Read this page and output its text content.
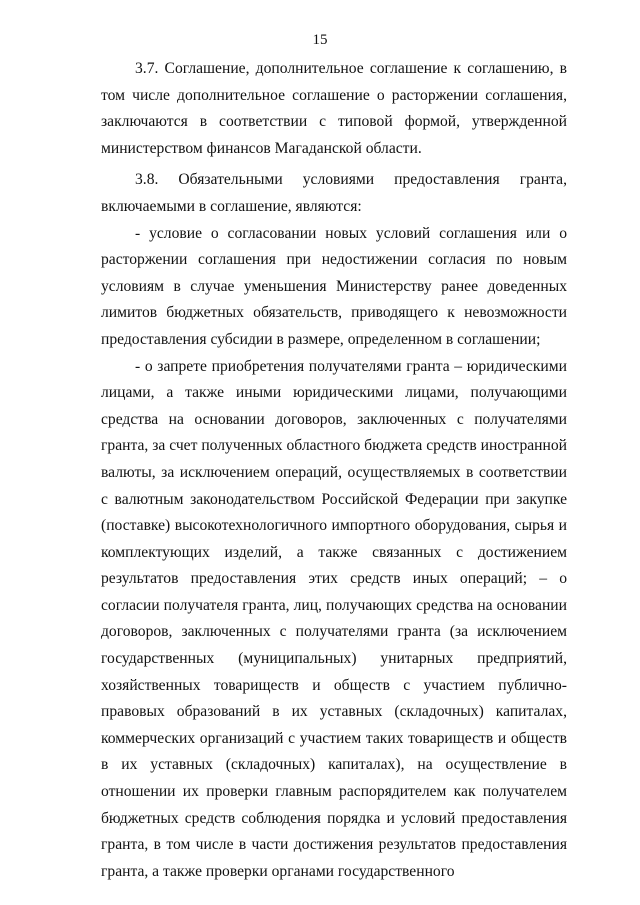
15

3.7. Соглашение, дополнительное соглашение к соглашению, в том числе дополнительное соглашение о расторжении соглашения, заключаются в соответствии с типовой формой, утвержденной министерством финансов Магаданской области.

3.8. Обязательными условиями предоставления гранта, включаемыми в соглашение, являются:

- условие о согласовании новых условий соглашения или о расторжении соглашения при недостижении согласия по новым условиям в случае уменьшения Министерству ранее доведенных лимитов бюджетных обязательств, приводящего к невозможности предоставления субсидии в размере, определенном в соглашении;

- о запрете приобретения получателями гранта – юридическими лицами, а также иными юридическими лицами, получающими средства на основании договоров, заключенных с получателями гранта, за счет полученных областного бюджета средств иностранной валюты, за исключением операций, осуществляемых в соответствии с валютным законодательством Российской Федерации при закупке (поставке) высокотехнологичного импортного оборудования, сырья и комплектующих изделий, а также связанных с достижением результатов предоставления этих средств иных операций; – о согласии получателя гранта, лиц, получающих средства на основании договоров, заключенных с получателями гранта (за исключением государственных (муниципальных) унитарных предприятий, хозяйственных товариществ и обществ с участием публично-правовых образований в их уставных (складочных) капиталах, коммерческих организаций с участием таких товариществ и обществ в их уставных (складочных) капиталах), на осуществление в отношении их проверки главным распорядителем как получателем бюджетных средств соблюдения порядка и условий предоставления гранта, в том числе в части достижения результатов предоставления гранта, а также проверки органами государственного
